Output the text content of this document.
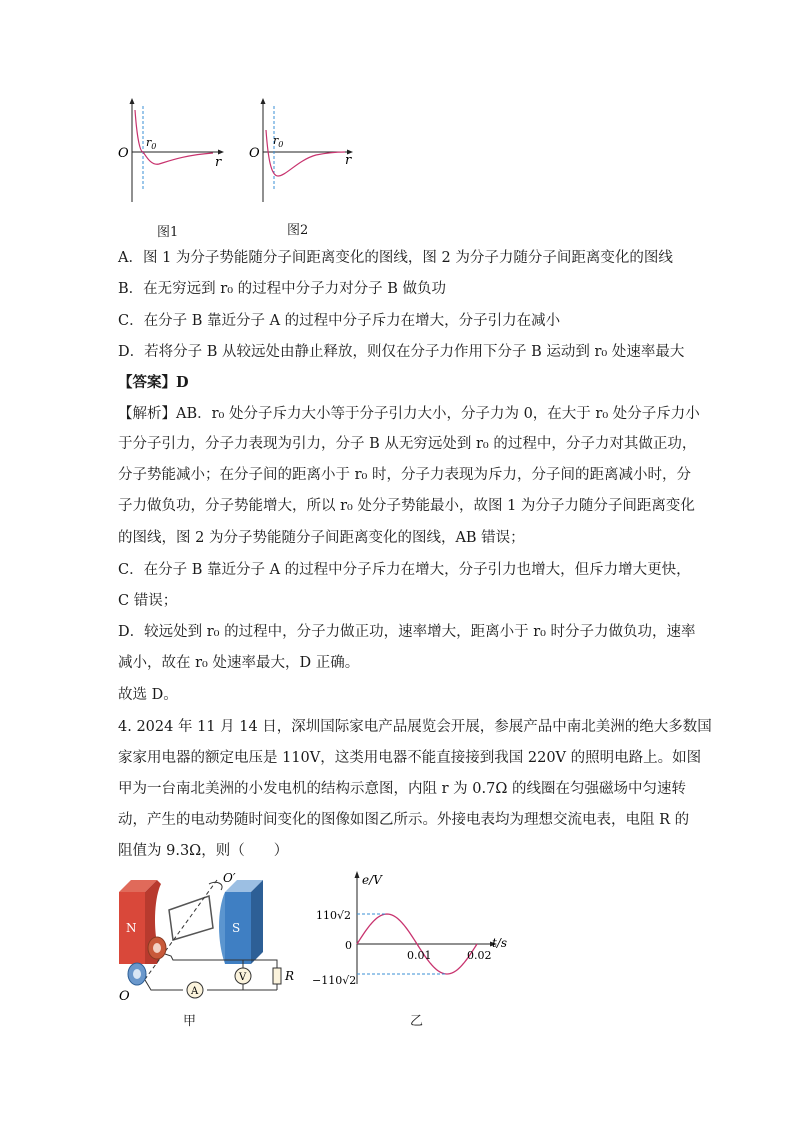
O
r
$r_0$
图1
O	r
$r_0$
图2
A．图 1 为分子势能随分子间距离变化的图线，图 2 为分子力随分子间距离变化的图线
B．在无穷远到 r₀ 的过程中分子力对分子 B 做负功
C．在分子 B 靠近分子 A 的过程中分子斥力在增大，分子引力在减小
D．若将分子 B 从较远处由静止释放，则仅在分子力作用下分子 B 运动到 r₀ 处速率最大
【答案】D
【解析】AB．r₀ 处分子斥力大小等于分子引力大小，分子力为 0，在大于 r₀ 处分子斥力小
于分子引力，分子力表现为引力，分子 B 从无穷远处到 r₀ 的过程中，分子力对其做正功，
分子势能减小；在分子间的距离小于 r₀ 时，分子力表现为斥力，分子间的距离减小时，分
子力做负功，分子势能增大，所以 r₀ 处分子势能最小，故图 1 为分子力随分子间距离变化
的图线，图 2 为分子势能随分子间距离变化的图线，AB 错误；
C．在分子 B 靠近分子 A 的过程中分子斥力在增大，分子引力也增大，但斥力增大更快，
C 错误；
D．较远处到 r₀ 的过程中，分子力做正功，速率增大，距离小于 r₀ 时分子力做负功，速率
减小，故在 r₀ 处速率最大，D 正确。
故选 D。
4. 2024 年 11 月 14 日，深圳国际家电产品展览会开展，参展产品中南北美洲的绝大多数国
家家用电器的额定电压是 110V，这类用电器不能直接接到我国 220V 的照明电路上。如图
甲为一台南北美洲的小发电机的结构示意图，内阻 r 为 0.7Ω 的线圈在匀强磁场中匀速转
动，产生的电动势随时间变化的图像如图乙所示。外接电表均为理想交流电表，电阻 R 的
阻值为 9.3Ω，则（　　）
N	S
O′
O
V
A
R
甲
e/V
t/s
110√2
0
−110√2
0.01	0.02
乙
